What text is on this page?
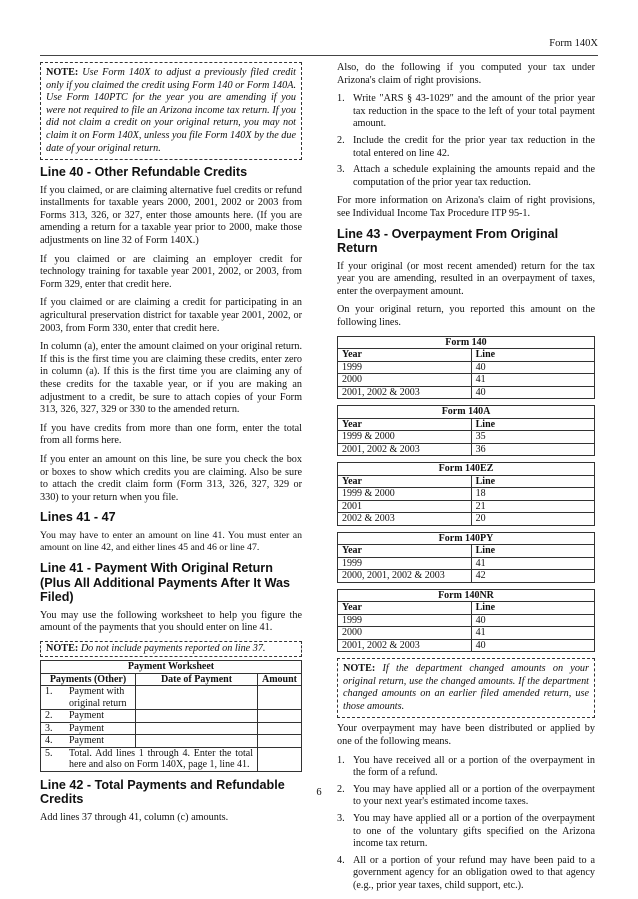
Form 140X
NOTE: Use Form 140X to adjust a previously filed credit only if you claimed the credit using Form 140 or Form 140A. Use Form 140PTC for the year you are amending if you were not required to file an Arizona income tax return. If you did not claim a credit on your original return, you may not claim it on Form 140X, unless you file Form 140X by the due date of your original return.
Line 40 - Other Refundable Credits

If you claimed, or are claiming alternative fuel credits or refund installments for taxable years 2000, 2001, 2002 or 2003 from Forms 313, 326, or 327, enter those amounts here. (If you are amending a return for a taxable year prior to 2000, make those adjustments on line 32 of Form 140X.)

If you claimed or are claiming an employer credit for technology training for taxable year 2001, 2002, or 2003, from Form 329, enter that credit here.

If you claimed or are claiming a credit for participating in an agricultural preservation district for taxable year 2001, 2002, or 2003, from Form 330, enter that credit here.

In column (a), enter the amount claimed on your original return. If this is the first time you are claiming these credits, enter zero in column (a). If this is the first time you are claiming any of these credits for the taxable year, or if you are making an adjustment to a credit, be sure to attach copies of your Form 313, 326, 327, 329 or 330 to the amended return.

If you have credits from more than one form, enter the total from all forms here.

If you enter an amount on this line, be sure you check the box or boxes to show which credits you are claiming. Also be sure to attach the credit claim form (Form 313, 326, 327, 329 or 330) to your return when you file.

Lines 41 - 47

You may have to enter an amount on line 41. You must enter an amount on line 42, and either lines 45 and 46 or line 47.

Line 41 - Payment With Original Return (Plus All Additional Payments After It Was Filed)

You may use the following worksheet to help you figure the amount of the payments that you should enter on line 41.

NOTE: Do not include payments reported on line 37.
Payment Worksheet			
Payments (Other)		Date of Payment	Amount
1.	Payment with original return		
2.	Payment		
3.	Payment		
4.	Payment		
5.	Total. Add lines 1 through 4. Enter the total here and also on Form 140X, page 1, line 41.		
Line 42 - Total Payments and Refundable Credits

Add lines 37 through 41, column (c) amounts.

Also, do the following if you computed your tax under Arizona's claim of right provisions.

1. Write "ARS § 43-1029" and the amount of the prior year tax reduction in the space to the left of your total payment amount.
2. Include the credit for the prior year tax reduction in the total entered on line 42.
3. Attach a schedule explaining the amounts repaid and the computation of the prior year tax reduction.

For more information on Arizona's claim of right provisions, see Individual Income Tax Procedure ITP 95-1.

Line 43 - Overpayment From Original Return

If your original (or most recent amended) return for the tax year you are amending, resulted in an overpayment of taxes, enter the overpayment amount.

On your original return, you reported this amount on the following lines.

Form 140	
Year	Line
1999	40
2000	41
2001, 2002 & 2003	40
Form 140A	
Year	Line
1999 & 2000	35
2001, 2002 & 2003	36
Form 140EZ	
Year	Line
1999 & 2000	18
2001	21
2002 & 2003	20
Form 140PY	
Year	Line
1999	41
2000, 2001, 2002 & 2003	42
Form 140NR	
Year	Line
1999	40
2000	41
2001, 2002 & 2003	40
NOTE: If the department changed amounts on your original return, use the changed amounts. If the department changed amounts on an earlier filed amended return, use those amounts.

Your overpayment may have been distributed or applied by one of the following means.

1. You have received all or a portion of the overpayment in the form of a refund.
2. You may have applied all or a portion of the overpayment to your next year's estimated income taxes.
3. You may have applied all or a portion of the overpayment to one of the voluntary gifts specified on the Arizona income tax return.
4. All or a portion of your refund may have been paid to a government agency for an obligation owed to that agency (e.g., prior year taxes, child support, etc.).
6
